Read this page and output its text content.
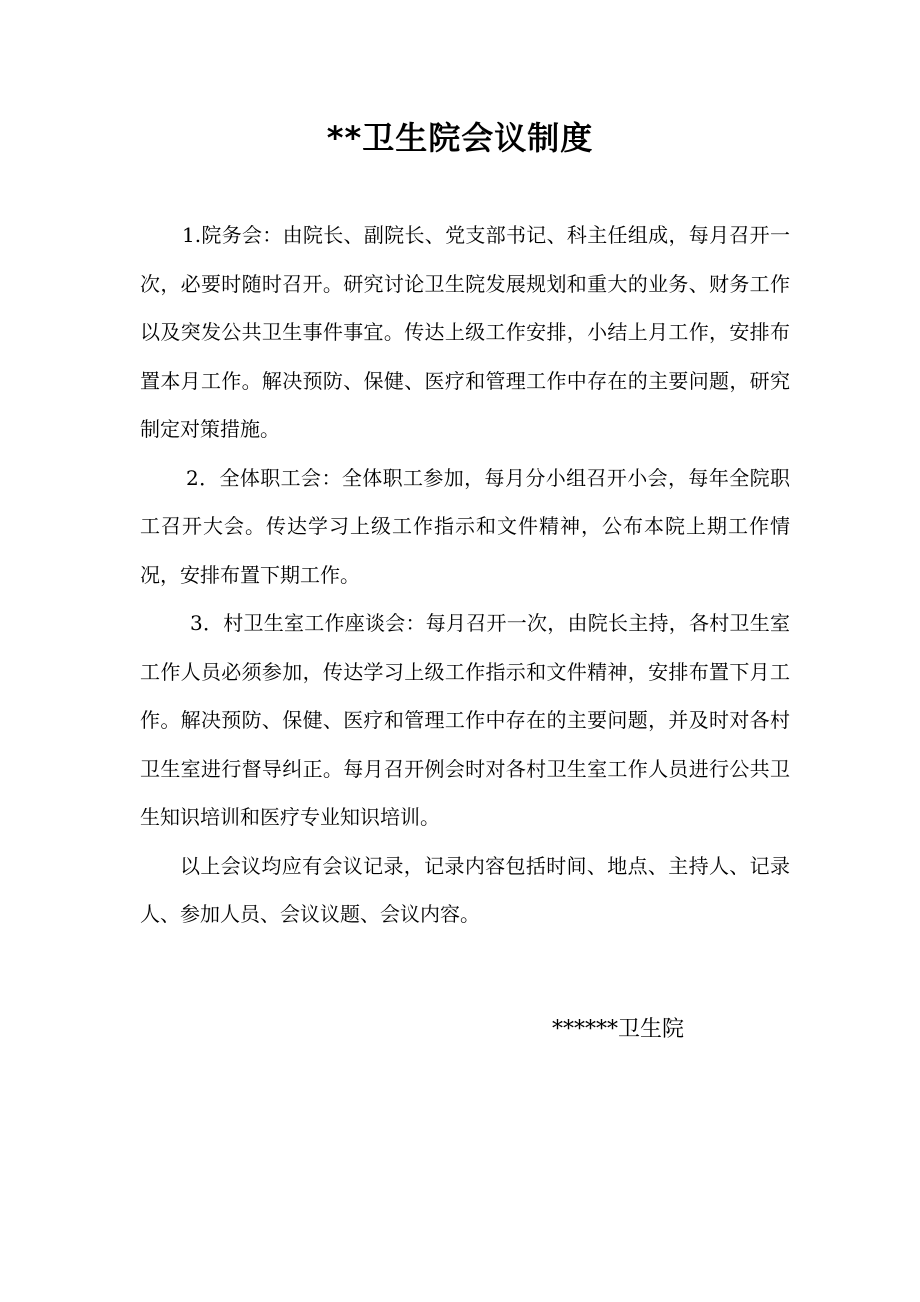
**卫生院会议制度

1.院务会：由院长、副院长、党支部书记、科主任组成，每月召开一次，必要时随时召开。研究讨论卫生院发展规划和重大的业务、财务工作以及突发公共卫生事件事宜。传达上级工作安排，小结上月工作，安排布置本月工作。解决预防、保健、医疗和管理工作中存在的主要问题，研究制定对策措施。

2．全体职工会：全体职工参加，每月分小组召开小会，每年全院职工召开大会。传达学习上级工作指示和文件精神，公布本院上期工作情况，安排布置下期工作。

3．村卫生室工作座谈会：每月召开一次，由院长主持，各村卫生室工作人员必须参加，传达学习上级工作指示和文件精神，安排布置下月工作。解决预防、保健、医疗和管理工作中存在的主要问题，并及时对各村卫生室进行督导纠正。每月召开例会时对各村卫生室工作人员进行公共卫生知识培训和医疗专业知识培训。

以上会议均应有会议记录，记录内容包括时间、地点、主持人、记录人、参加人员、会议议题、会议内容。

******卫生院
